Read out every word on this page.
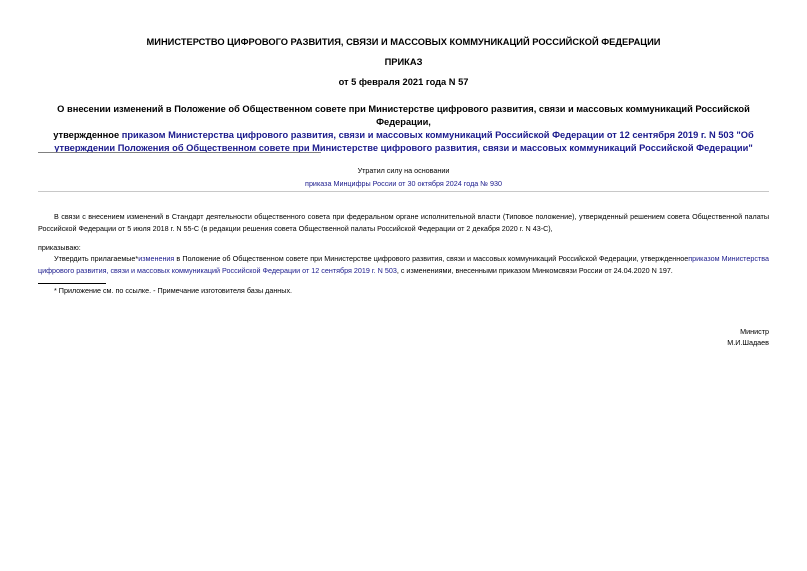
МИНИСТЕРСТВО ЦИФРОВОГО РАЗВИТИЯ, СВЯЗИ И МАССОВЫХ КОММУНИКАЦИЙ РОССИЙСКОЙ ФЕДЕРАЦИИ
ПРИКАЗ
от 5 февраля 2021 года N 57
О внесении изменений в Положение об Общественном совете при Министерстве цифрового развития, связи и массовых коммуникаций Российской Федерации,
утвержденное приказом Министерства цифрового развития, связи и массовых коммуникаций Российской Федерации от 12 сентября 2019 г. N 503 "Об утверждении Положения об Общественном совете при Министерстве цифрового развития, связи и массовых коммуникаций Российской Федерации"
Утратил силу на основании
приказа Минцифры России от 30 октября 2024 года № 930
В связи с внесением изменений в Стандарт деятельности общественного совета при федеральном органе исполнительной власти (Типовое положение), утвержденный решением совета Общественной палаты Российской Федерации от 5 июля 2018 г. N 55-С (в редакции решения совета Общественной палаты Российской Федерации от 2 декабря 2020 г. N 43-С),
приказываю:
Утвердить прилагаемые*изменения в Положение об Общественном совете при Министерстве цифрового развития, связи и массовых коммуникаций Российской Федерации, утвержденноеприказом Министерства цифрового развития, связи и массовых коммуникаций Российской Федерации от 12 сентября 2019 г. N 503, с изменениями, внесенными приказом Минкомсвязи России от 24.04.2020 N 197.
* Приложение см. по ссылке. - Примечание изготовителя базы данных.
Министр
М.И.Шадаев
